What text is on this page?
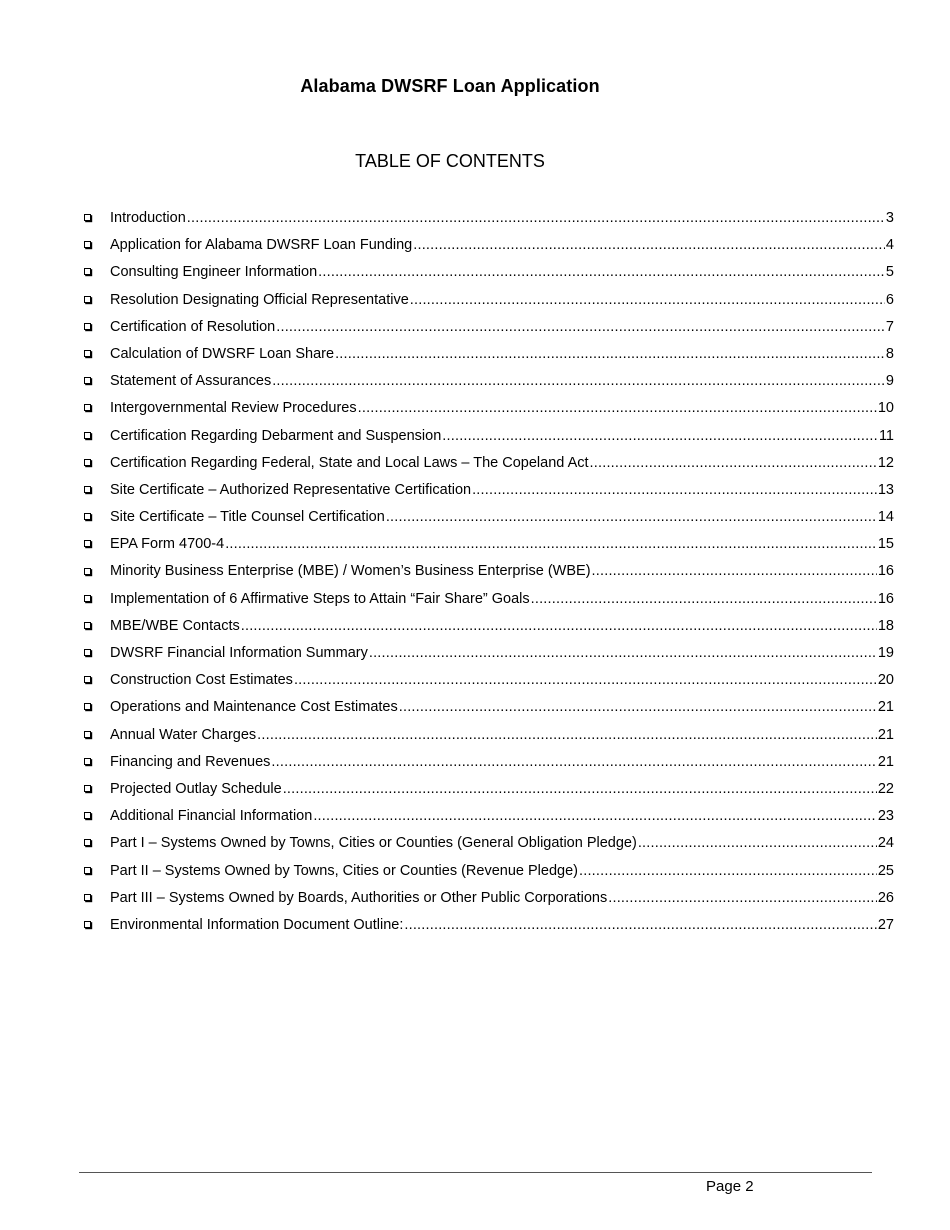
Alabama DWSRF Loan Application
TABLE OF CONTENTS
Introduction .....	3
Application for Alabama DWSRF Loan Funding .....	4
Consulting Engineer Information .....	5
Resolution Designating Official Representative .....	6
Certification of Resolution .....	7
Calculation of DWSRF Loan Share .....	8
Statement of Assurances .....	9
Intergovernmental Review Procedures .....	10
Certification Regarding Debarment and Suspension .....	11
Certification Regarding Federal, State and Local Laws – The Copeland Act .....	12
Site Certificate – Authorized Representative Certification .....	13
Site Certificate – Title Counsel Certification .....	14
EPA Form 4700-4 .....	15
Minority Business Enterprise (MBE) / Women’s Business Enterprise (WBE) .....	16
Implementation of 6 Affirmative Steps to Attain “Fair Share” Goals .....	16
MBE/WBE Contacts .....	18
DWSRF Financial Information Summary .....	19
Construction Cost Estimates .....	20
Operations and Maintenance Cost Estimates .....	21
Annual Water Charges .....	21
Financing and Revenues .....	21
Projected Outlay Schedule .....	22
Additional Financial Information .....	23
Part I – Systems Owned by Towns, Cities or Counties (General Obligation Pledge) .....	24
Part II – Systems Owned by Towns, Cities or Counties (Revenue Pledge) .....	25
Part III – Systems Owned by Boards, Authorities or Other Public Corporations .....	26
Environmental Information Document Outline: .....	27
Page 2
